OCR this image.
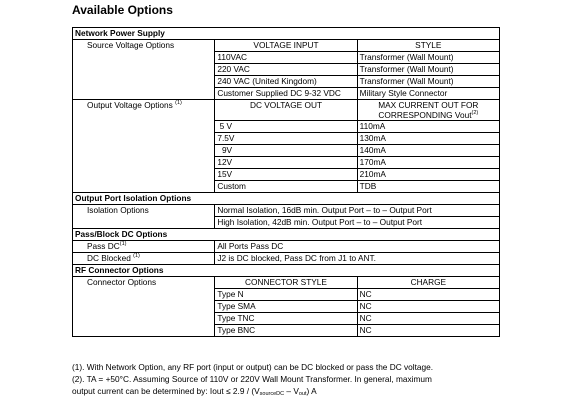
Available Options
Network Power Supply		
Source Voltage Options	VOLTAGE INPUT	STYLE
	110VAC	Transformer (Wall Mount)
	220 VAC	Transformer (Wall Mount)
	240 VAC (United Kingdom)	Transformer (Wall Mount)
	Customer Supplied DC 9-32 VDC	Military Style Connector
Output Voltage Options $^{(1)}$	DC VOLTAGE OUT	MAX CURRENT OUT FOR
CORRESPONDING Vout$^{(2)}$
	5 V	110mA
	7.5V	130mA
	9V	140mA
	12V	170mA
	15V	210mA
	Custom	TDB
Output Port Isolation Options		
Isolation Options	Normal Isolation, 16dB min. Output Port – to – Output Port	
	High Isolation, 42dB min. Output Port – to – Output Port	
Pass/Block DC Options		
Pass DC$^{(1)}$	All Ports Pass DC	
DC Blocked $^{(1)}$	J2 is DC blocked, Pass DC from J1 to ANT.	
RF Connector Options		
Connector Options	CONNECTOR STYLE	CHARGE
	Type N	NC
	Type SMA	NC
	Type TNC	NC
	Type BNC	NC
(1). With Network Option, any RF port (input or output) can be DC blocked or pass the DC voltage.
(2). TA = +50°C. Assuming Source of 110V or 220V Wall Mount Transformer. In general, maximum
output current can be determined by: Iout ≤ 2.9 / (VsourceDC – Vout) A
